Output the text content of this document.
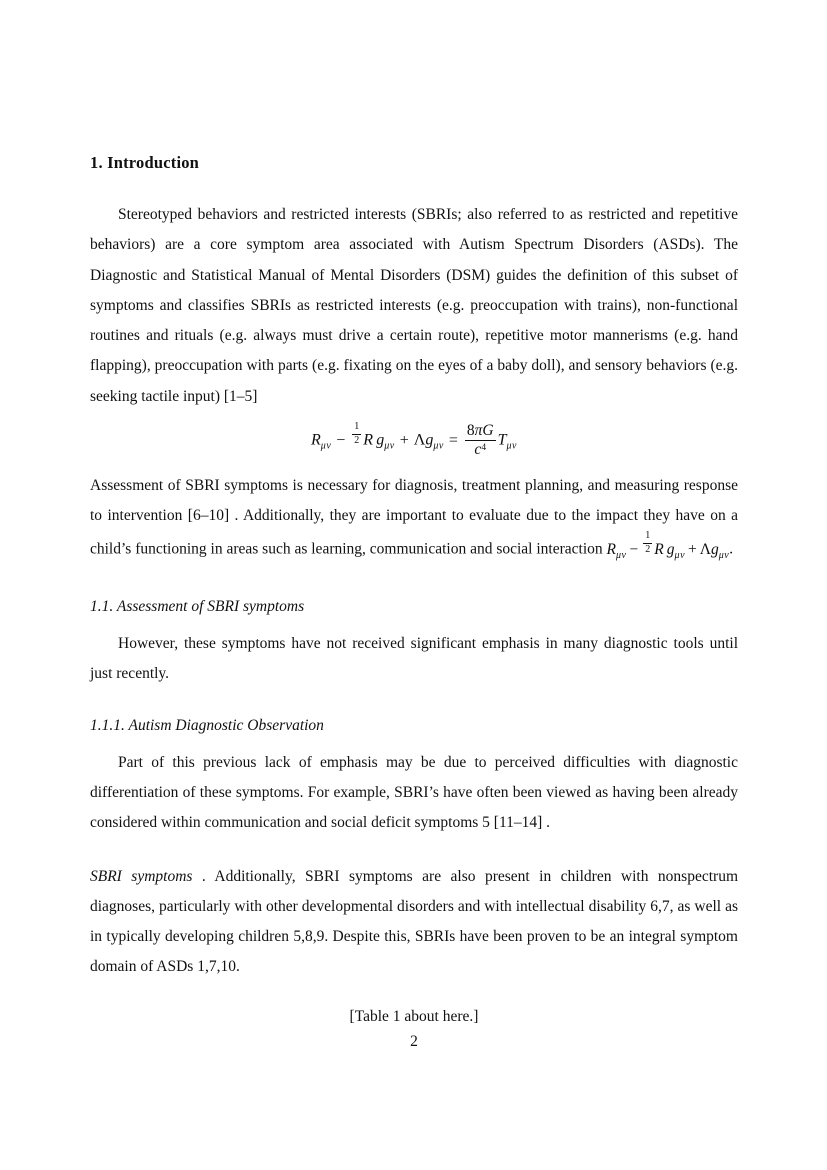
1. Introduction

Stereotyped behaviors and restricted interests (SBRIs; also referred to as restricted and repetitive behaviors) are a core symptom area associated with Autism Spectrum Disorders (ASDs). The Diagnostic and Statistical Manual of Mental Disorders (DSM) guides the definition of this subset of symptoms and classifies SBRIs as restricted interests (e.g. preoccupation with trains), non-functional routines and rituals (e.g. always must drive a certain route), repetitive motor mannerisms (e.g. hand flapping), preoccupation with parts (e.g. fixating on the eyes of a baby doll), and sensory behaviors (e.g. seeking tactile input) [1–5]

$R_{\mu\nu} - \frac{1}{2}$ R  $g_{\mu\nu} + \Lambda g_{\mu\nu} = \frac{8\pi G}{c^4} T_{\mu\nu}$

Assessment of SBRI symptoms is necessary for diagnosis, treatment planning, and measuring response to intervention [6–10] . Additionally, they are important to evaluate due to the impact they have on a child’s functioning in areas such as learning, communication and social interaction $R_{\mu\nu} - \frac{1}{2}$ R  $g_{\mu\nu} + \Lambda g_{\mu\nu}$.

1.1. Assessment of SBRI symptoms

However, these symptoms have not received significant emphasis in many diagnostic tools until just recently.

1.1.1. Autism Diagnostic Observation

Part of this previous lack of emphasis may be due to perceived difficulties with diagnostic differentiation of these symptoms. For example, SBRI’s have often been viewed as having been already considered within communication and social deficit symptoms 5 [11–14] .

SBRI symptoms . Additionally, SBRI symptoms are also present in children with nonspectrum diagnoses, particularly with other developmental disorders and with intellectual disability 6,7, as well as in typically developing children 5,8,9. Despite this, SBRIs have been proven to be an integral symptom domain of ASDs 1,7,10.

[Table 1 about here.]

2
